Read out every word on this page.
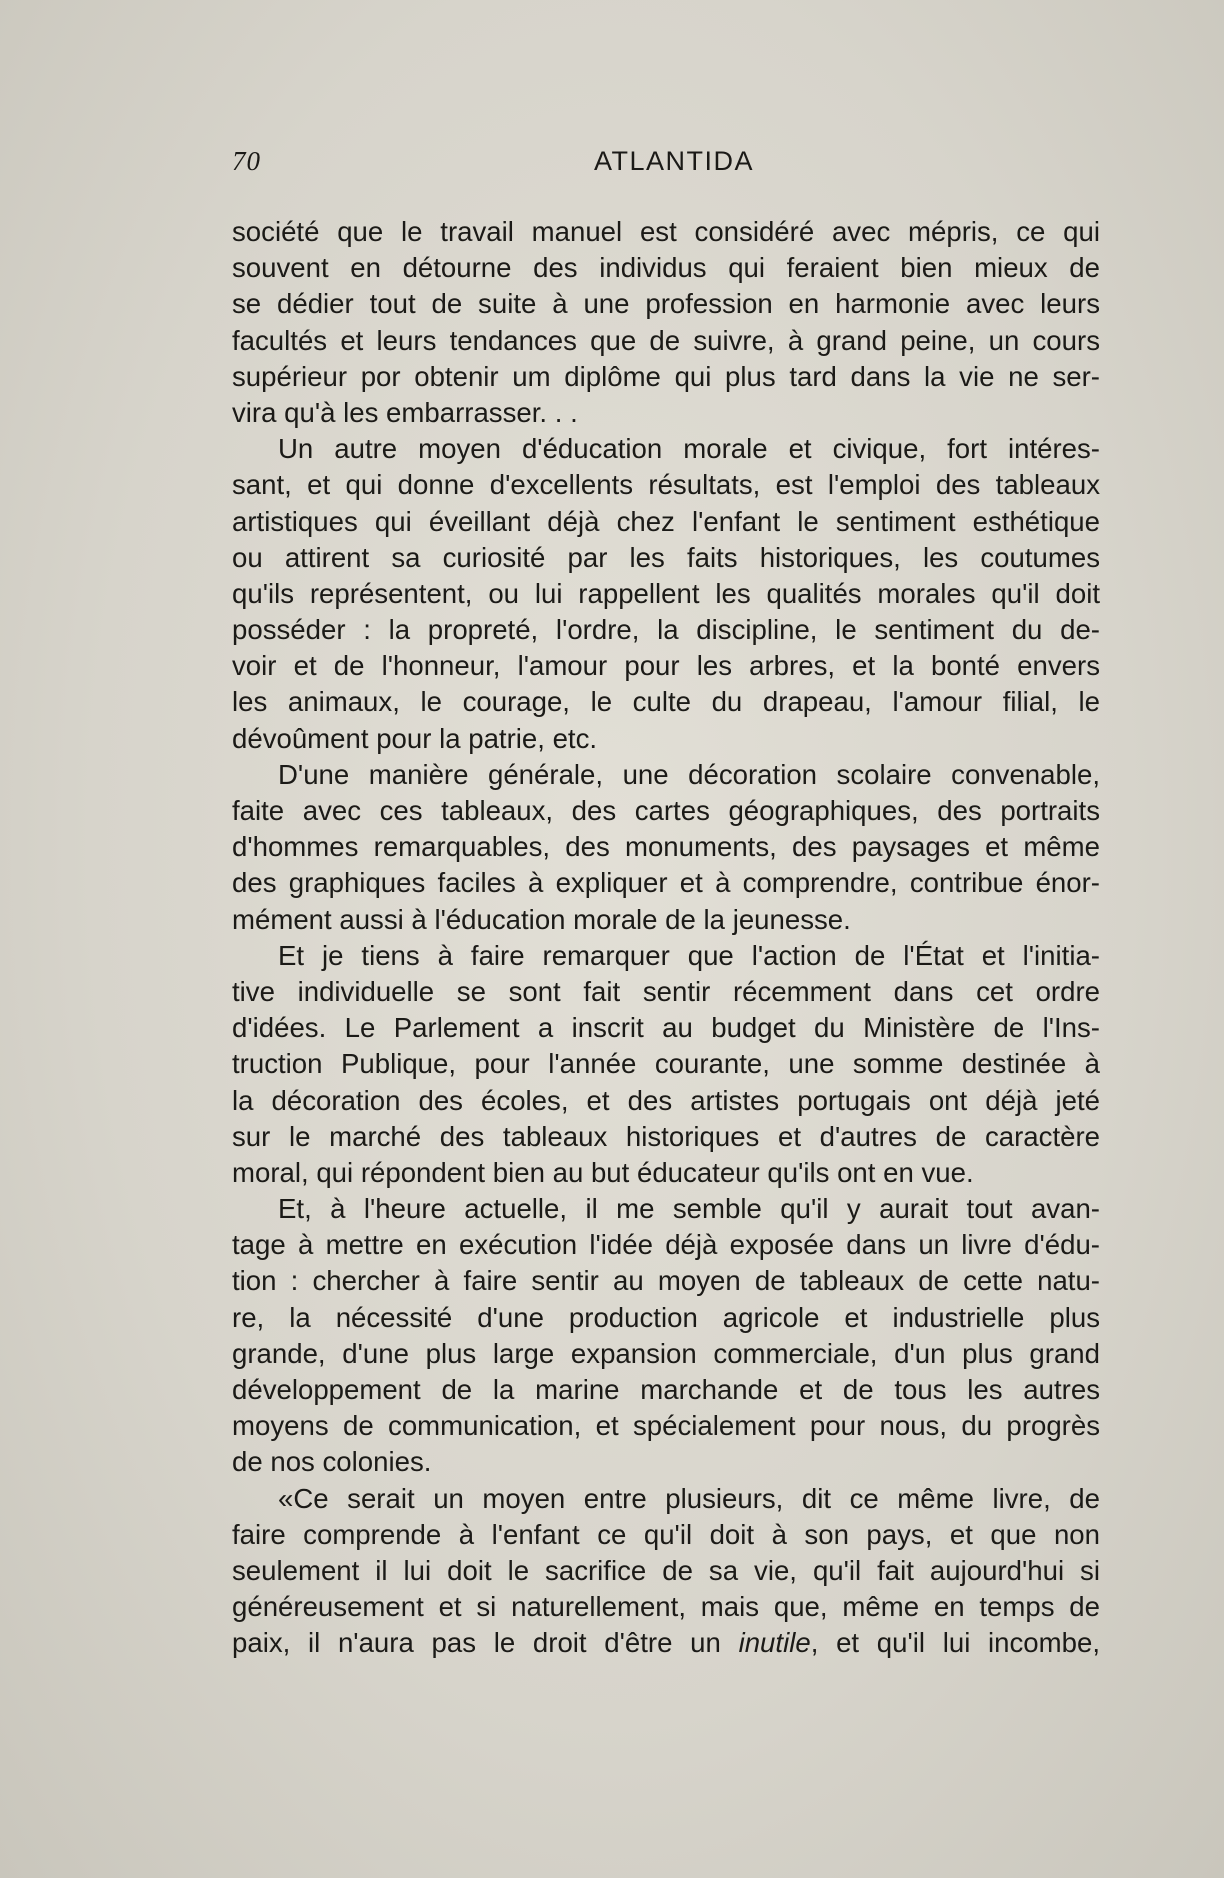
70	ATLANTIDA
société que le travail manuel est considéré avec mépris, ce qui
souvent en détourne des individus qui feraient bien mieux de
se dédier tout de suite à une profession en harmonie avec leurs
facultés et leurs tendances que de suivre, à grand peine, un cours
supérieur por obtenir um diplôme qui plus tard dans la vie ne ser-
vira qu'à les embarrasser. . .
Un autre moyen d'éducation morale et civique, fort intéres-
sant, et qui donne d'excellents résultats, est l'emploi des tableaux
artistiques qui éveillant déjà chez l'enfant le sentiment esthétique
ou attirent sa curiosité par les faits historiques, les coutumes
qu'ils représentent, ou lui rappellent les qualités morales qu'il doit
posséder : la propreté, l'ordre, la discipline, le sentiment du de-
voir et de l'honneur, l'amour pour les arbres, et la bonté envers
les animaux, le courage, le culte du drapeau, l'amour filial, le
dévoûment pour la patrie, etc.
D'une manière générale, une décoration scolaire convenable,
faite avec ces tableaux, des cartes géographiques, des portraits
d'hommes remarquables, des monuments, des paysages et même
des graphiques faciles à expliquer et à comprendre, contribue énor-
mément aussi à l'éducation morale de la jeunesse.
Et je tiens à faire remarquer que l'action de l'État et l'initia-
tive individuelle se sont fait sentir récemment dans cet ordre
d'idées. Le Parlement a inscrit au budget du Ministère de l'Ins-
truction Publique, pour l'année courante, une somme destinée à
la décoration des écoles, et des artistes portugais ont déjà jeté
sur le marché des tableaux historiques et d'autres de caractère
moral, qui répondent bien au but éducateur qu'ils ont en vue.
Et, à l'heure actuelle, il me semble qu'il y aurait tout avan-
tage à mettre en exécution l'idée déjà exposée dans un livre d'édu-
tion : chercher à faire sentir au moyen de tableaux de cette natu-
re, la nécessité d'une production agricole et industrielle plus
grande, d'une plus large expansion commerciale, d'un plus grand
développement de la marine marchande et de tous les autres
moyens de communication, et spécialement pour nous, du progrès
de nos colonies.
«Ce serait un moyen entre plusieurs, dit ce même livre, de
faire comprende à l'enfant ce qu'il doit à son pays, et que non
seulement il lui doit le sacrifice de sa vie, qu'il fait aujourd'hui si
généreusement et si naturellement, mais que, même en temps de
paix, il n'aura pas le droit d'être un inutile, et qu'il lui incombe,
